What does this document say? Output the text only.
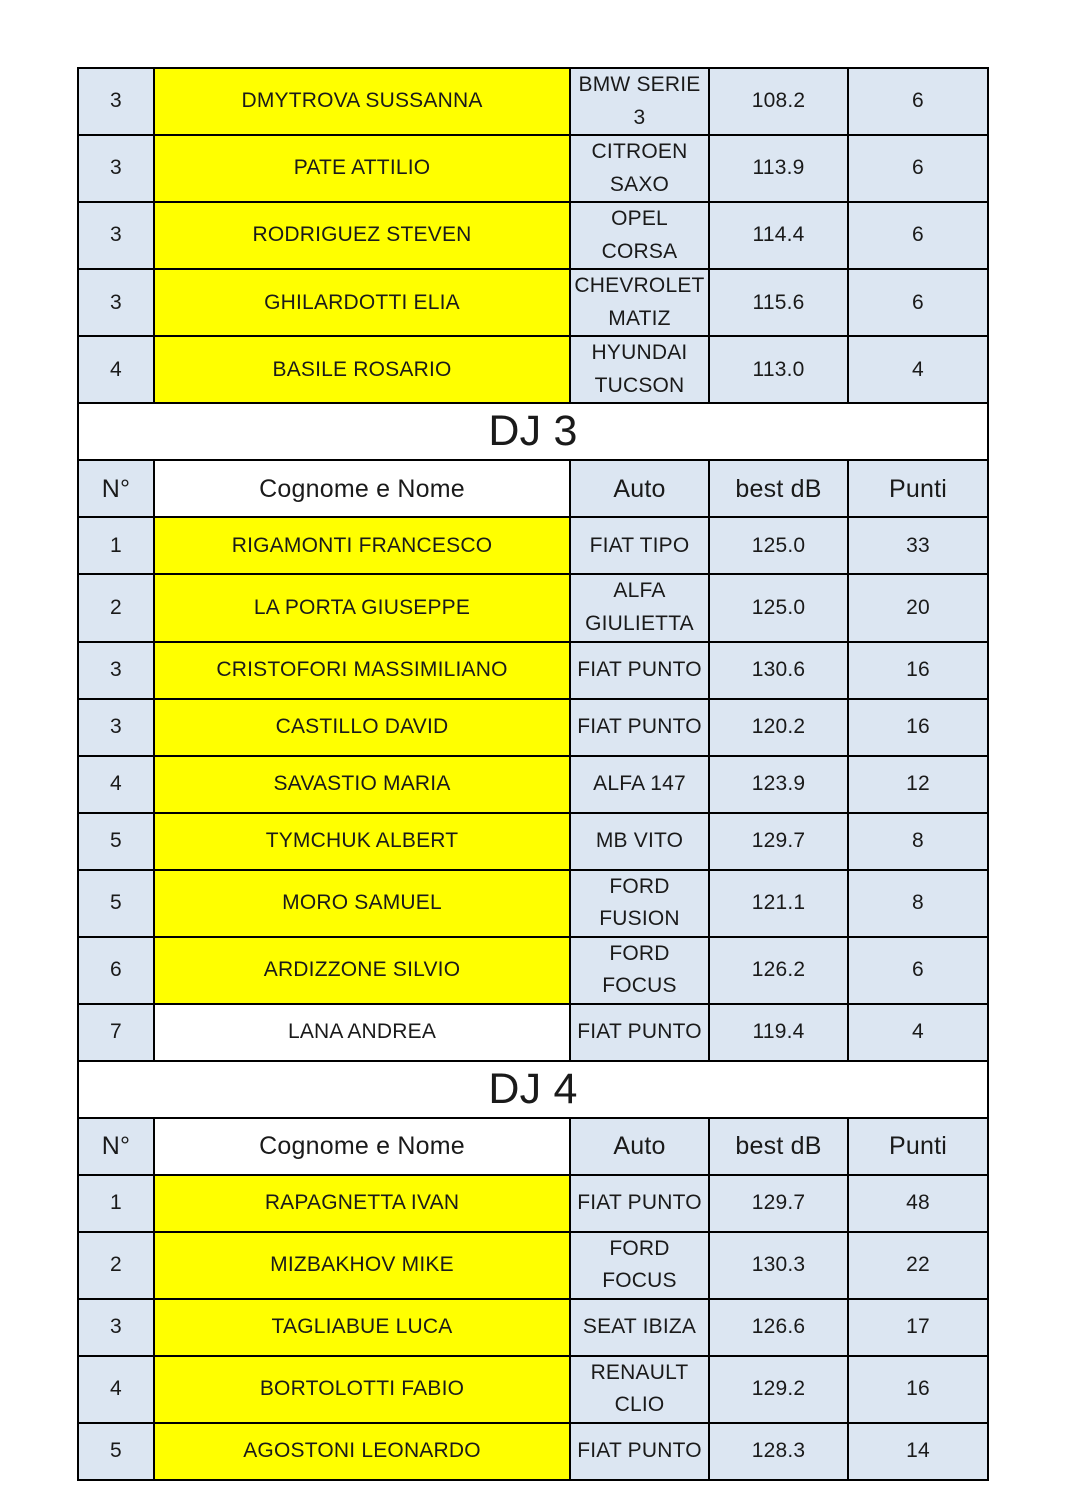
3	DMYTROVA SUSSANNA	BMW SERIE 3	108.2	6
3	PATE ATTILIO	CITROEN SAXO	113.9	6
3	RODRIGUEZ STEVEN	OPEL CORSA	114.4	6
3	GHILARDOTTI ELIA	CHEVROLET MATIZ	115.6	6
4	BASILE ROSARIO	HYUNDAI TUCSON	113.0	4
DJ 3				
N°	Cognome e Nome	Auto	best dB	Punti
1	RIGAMONTI FRANCESCO	FIAT TIPO	125.0	33
2	LA PORTA GIUSEPPE	ALFA GIULIETTA	125.0	20
3	CRISTOFORI MASSIMILIANO	FIAT PUNTO	130.6	16
3	CASTILLO DAVID	FIAT PUNTO	120.2	16
4	SAVASTIO MARIA	ALFA 147	123.9	12
5	TYMCHUK ALBERT	MB VITO	129.7	8
5	MORO SAMUEL	FORD FUSION	121.1	8
6	ARDIZZONE SILVIO	FORD FOCUS	126.2	6
7	LANA ANDREA	FIAT PUNTO	119.4	4
DJ 4				
N°	Cognome e Nome	Auto	best dB	Punti
1	RAPAGNETTA IVAN	FIAT PUNTO	129.7	48
2	MIZBAKHOV MIKE	FORD FOCUS	130.3	22
3	TAGLIABUE LUCA	SEAT IBIZA	126.6	17
4	BORTOLOTTI FABIO	RENAULT CLIO	129.2	16
5	AGOSTONI LEONARDO	FIAT PUNTO	128.3	14
